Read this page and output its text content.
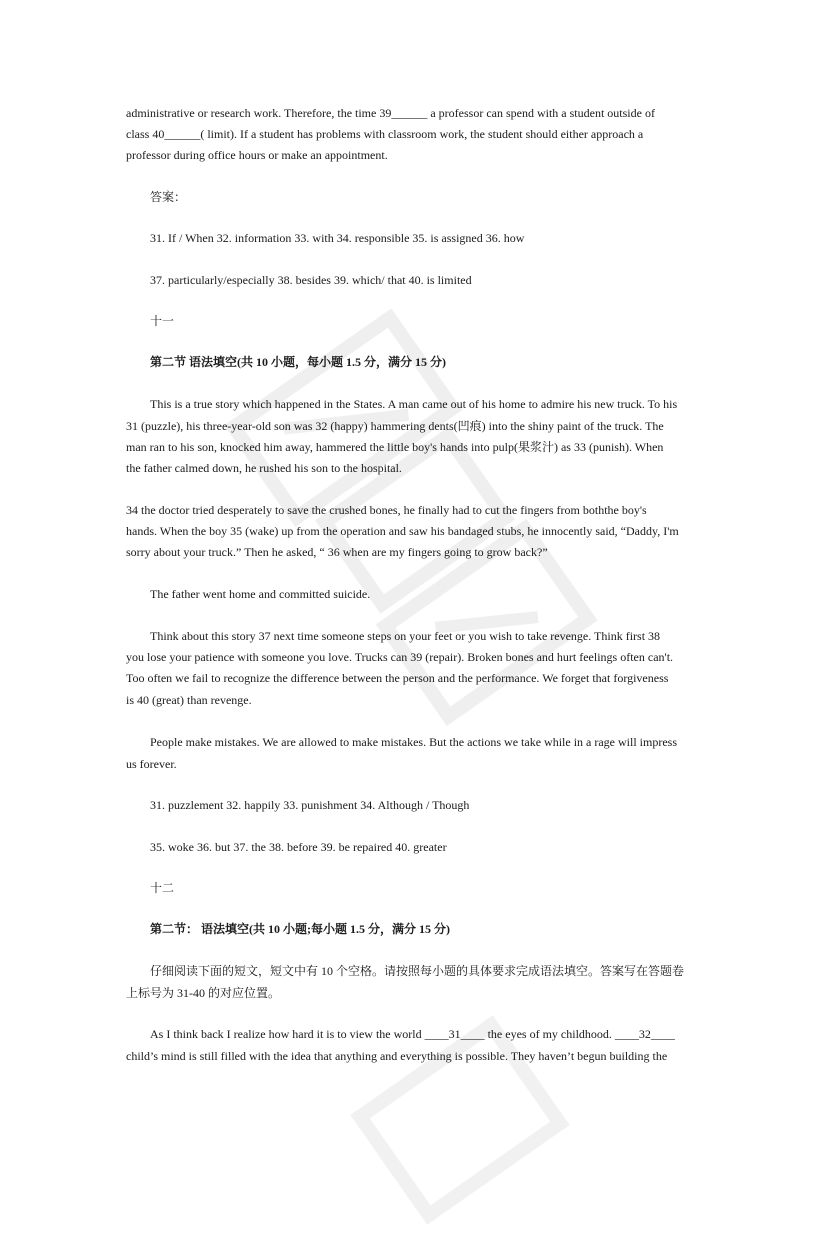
administrative or research work. Therefore, the time 39______ a professor can spend with a student outside of
class 40______( limit). If a student has problems with classroom work, the student should either approach a
professor during office hours or make an appointment.
答案：
31. If / When 32. information 33. with 34. responsible 35. is assigned 36. how
37. particularly/especially 38. besides 39. which/ that 40. is limited
十一
第二节 语法填空(共 10 小题，每小题 1.5 分，满分 15 分)
This is a true story which happened in the States. A man came out of his home to admire his new truck. To his
31 (puzzle), his three-year-old son was 32 (happy) hammering dents(凹痕) into the shiny paint of the truck. The
man ran to his son, knocked him away, hammered the little boy's hands into pulp(果浆汁) as 33 (punish). When
the father calmed down, he rushed his son to the hospital.
34 the doctor tried desperately to save the crushed bones, he finally had to cut the fingers from boththe boy's
hands. When the boy 35 (wake) up from the operation and saw his bandaged stubs, he innocently said, “Daddy, I'm
sorry about your truck.” Then he asked, “ 36 when are my fingers going to grow back?”
The father went home and committed suicide.
Think about this story 37 next time someone steps on your feet or you wish to take revenge. Think first 38
you lose your patience with someone you love. Trucks can 39 (repair). Broken bones and hurt feelings often can't.
Too often we fail to recognize the difference between the person and the performance. We forget that forgiveness
is 40 (great) than revenge.
People make mistakes. We are allowed to make mistakes. But the actions we take while in a rage will impress
us forever.
31. puzzlement 32. happily 33. punishment 34. Although / Though
35. woke 36. but 37. the 38. before 39. be repaired 40. greater
十二
第二节： 语法填空(共 10 小题;每小题 1.5 分，满分 15 分)
仔细阅读下面的短文，短文中有 10 个空格。请按照每小题的具体要求完成语法填空。答案写在答题卷
上标号为 31-40 的对应位置。
As I think back I realize how hard it is to view the world ____31____ the eyes of my childhood. ____32____
child’s mind is still filled with the idea that anything and everything is possible. They haven’t begun building the
